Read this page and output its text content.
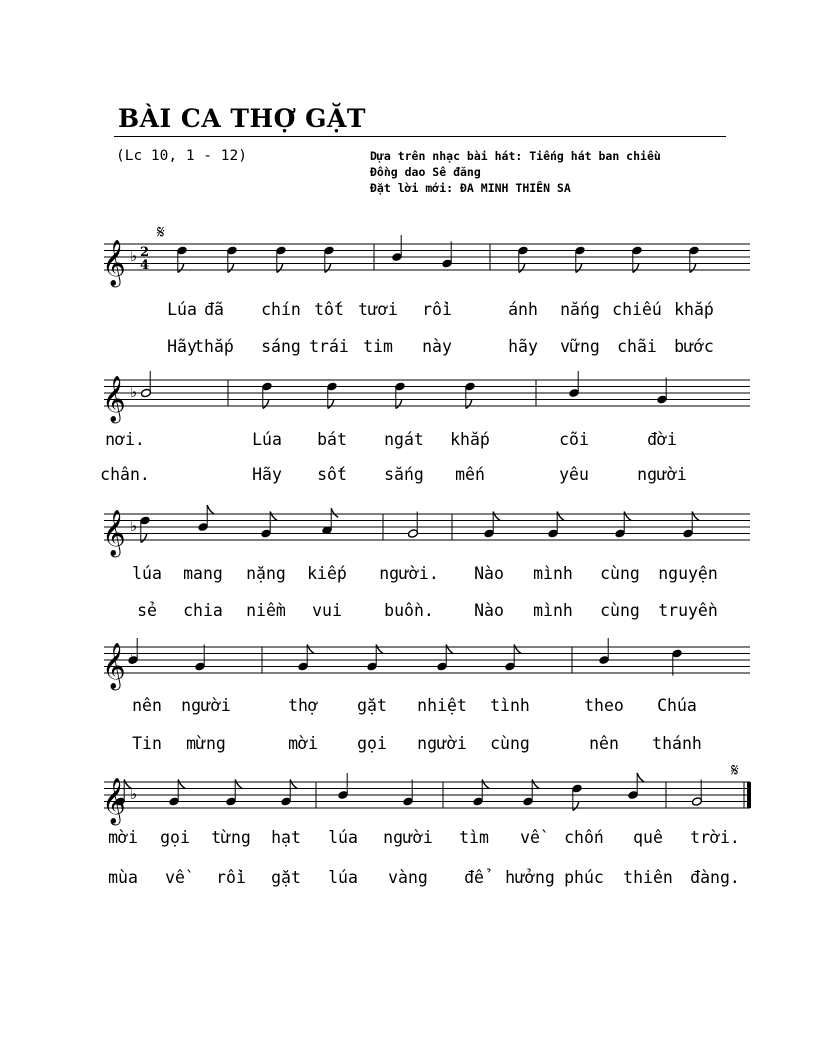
BÀI CA THỢ GẶT
(Lc 10, 1 - 12)	Dựa trên nhạc bài hát: Tiếng hát ban chiều
Đồng dao Sê đăng
Đặt lời mới: ĐA MINH THIÊN SA
𝄞 ♭ 2
4
𝄋
𝄞 ♭
𝄞 ♭
𝄞 ♭
𝄞 ♭
𝄋
Lúa đã chín tốt tươi rồi	ánh nắng chiếu khắp
Hãy
thắp sáng trái tim này	hãy vững chãi bước
nơi.	Lúa bát ngát khắp	cõi	đời
chân.	Hãy sốt sắng mến	yêu	người
lúa mang nặng kiếp người. Nào mình cùng nguyện
sẻ chia niềm vui	buồn. Nào mình cùng truyền
nên người	thợ gặt nhiệt tình	theo Chúa
Tin mừng	mời gọi người cùng	nên thánh
mời gọi từng hạt lúa người tìm về chốn quê trời.
mùa về rồi gặt lúa vàng để hưởng phúc thiên đàng.
